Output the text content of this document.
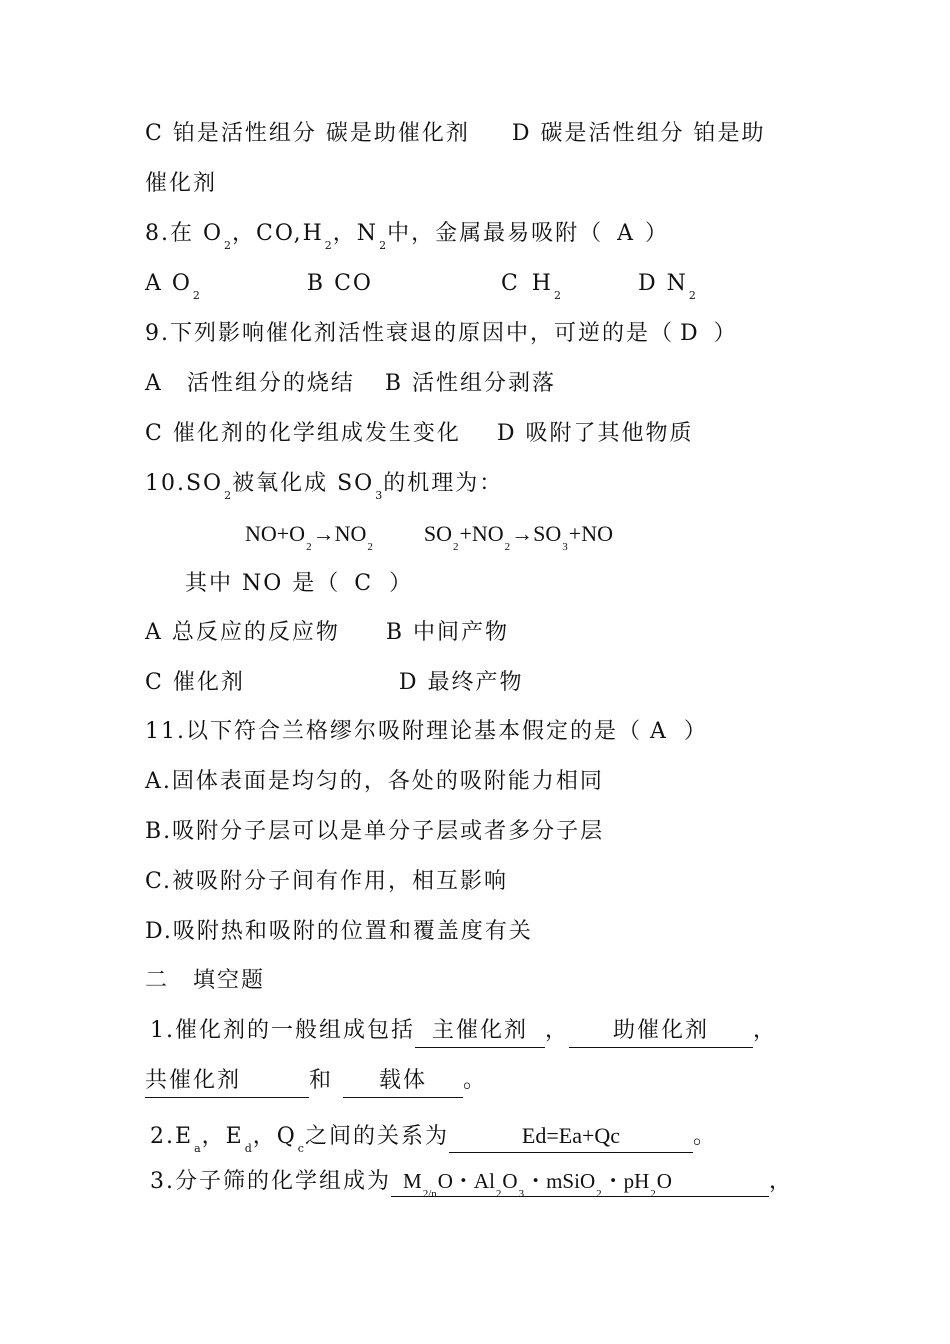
C 铂是活性组分 碳是助催化剂 D 碳是活性组分 铂是助
催化剂
8.在 $O_2$，$CO,H_2$，$N_2$中，金属最易吸附（ A ）
A $O_2$	B CO	C $H_2$	D $N_2$
9.下列影响催化剂活性衰退的原因中，可逆的是（ D ）
A　活性组分的烧结 B 活性组分剥落
C 催化剂的化学组成发生变化 D 吸附了其他物质
$10.SO_2$被氧化成 $SO_3$的机理为：
$NO+O_2\to NO_2SO_2+NO_2\to SO_3+NO$
其中 NO 是（ C ）
A 总反应的反应物 B 中间产物
C 催化剂	D 最终产物
11.以下符合兰格缪尔吸附理论基本假定的是（ A ）
A.固体表面是均匀的，各处的吸附能力相同
B.吸附分子层可以是单分子层或者多分子层
C.被吸附分子间有作用，相互影响
D.吸附热和吸附的位置和覆盖度有关
二　填空题
1.催化剂的一般组成包括 主催化剂 ， 助催化剂 ，
共催化剂	和 载体 。
$2.E_a$，$E_d$，$Q_c$之间的关系为	Ed=Ea+Qc	。
3.分子筛的化学组成为 $M_{2/n}O$・$Al_2O_3$・mSiO$_2$・$pH_2O$	，
